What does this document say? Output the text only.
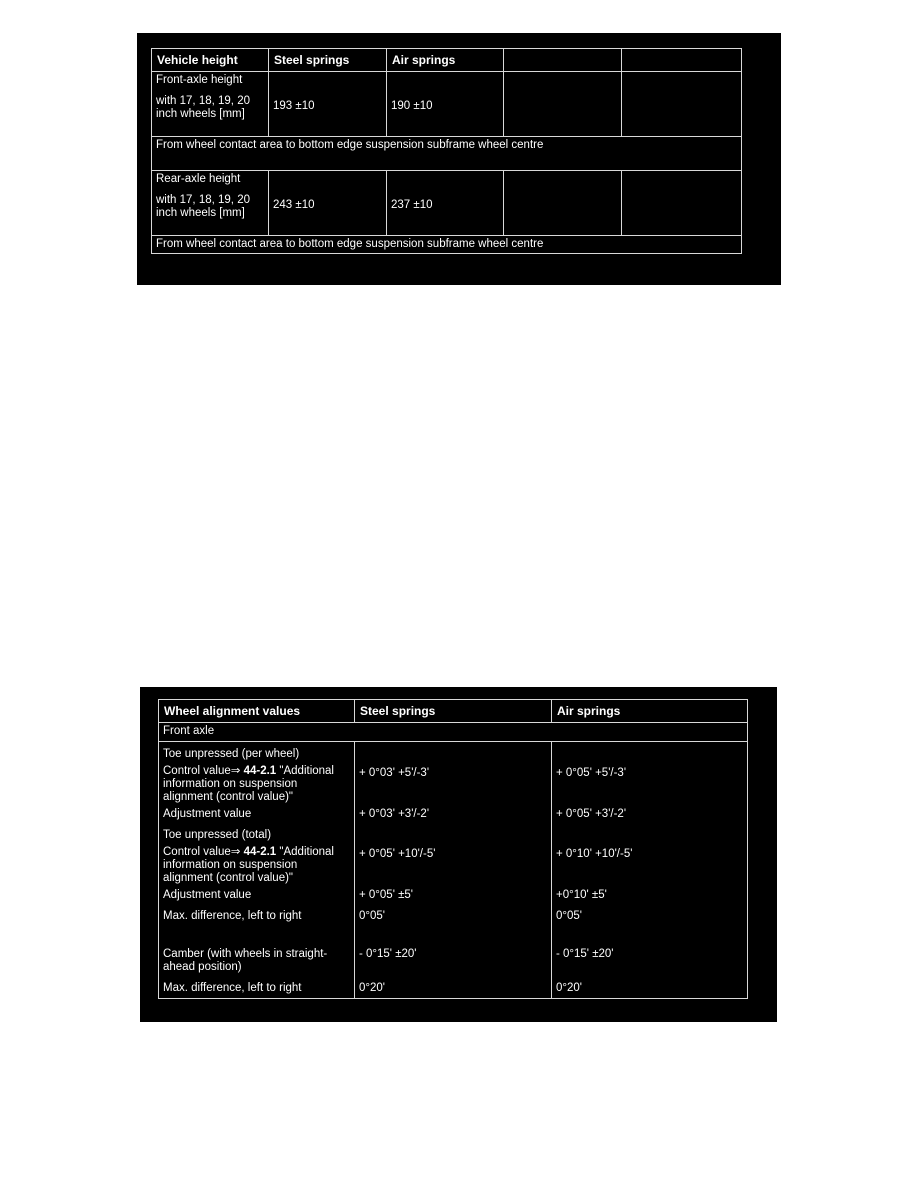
Vehicle height	Steel springs	Air springs		

Front-axle height
with 17, 18, 19, 20 inch wheels [mm]	193 ±10	190 ±10		
From wheel contact area to bottom edge suspension subframe wheel centre				

Rear-axle height
with 17, 18, 19, 20 inch wheels [mm]	243 ±10	237 ±10		
From wheel contact area to bottom edge suspension subframe wheel centre				
Wheel alignment values	Steel springs	Air springs
Front axle		
Toe unpressed (per wheel)		
Control value⇒ 44-2.1 "Additional information on suspension alignment (control value)"	+ 0°03' +5'/-3'	+ 0°05' +5'/-3'
Adjustment value	+ 0°03' +3'/-2'	+ 0°05' +3'/-2'
Toe unpressed (total)		
Control value⇒ 44-2.1 "Additional information on suspension alignment (control value)"	+ 0°05' +10'/-5'	+ 0°10' +10'/-5'
Adjustment value	+ 0°05' ±5'	+0°10' ±5'
Max. difference, left to right	0°05'	0°05'
Camber (with wheels in straight-ahead position)	- 0°15' ±20'	- 0°15' ±20'
Max. difference, left to right	0°20'	0°20'
